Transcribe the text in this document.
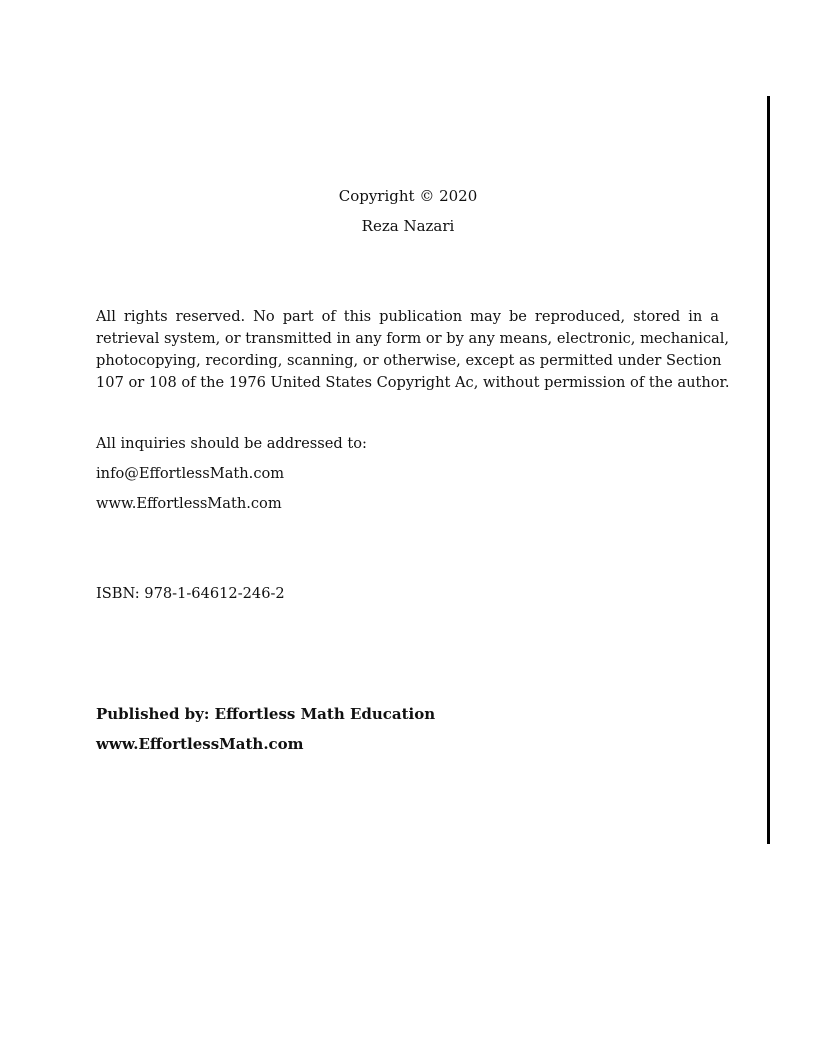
Copyright © 2020
Reza Nazari
All rights reserved. No part of this publication may be reproduced, stored in a
retrieval system, or transmitted in any form or by any means, electronic, mechanical,
photocopying, recording, scanning, or otherwise, except as permitted under Section
107 or 108 of the 1976 United States Copyright Ac, without permission of the author.
All inquiries should be addressed to:
info@EffortlessMath.com
www.EffortlessMath.com
ISBN: 978-1-64612-246-2
Published by: Effortless Math Education
www.EffortlessMath.com
